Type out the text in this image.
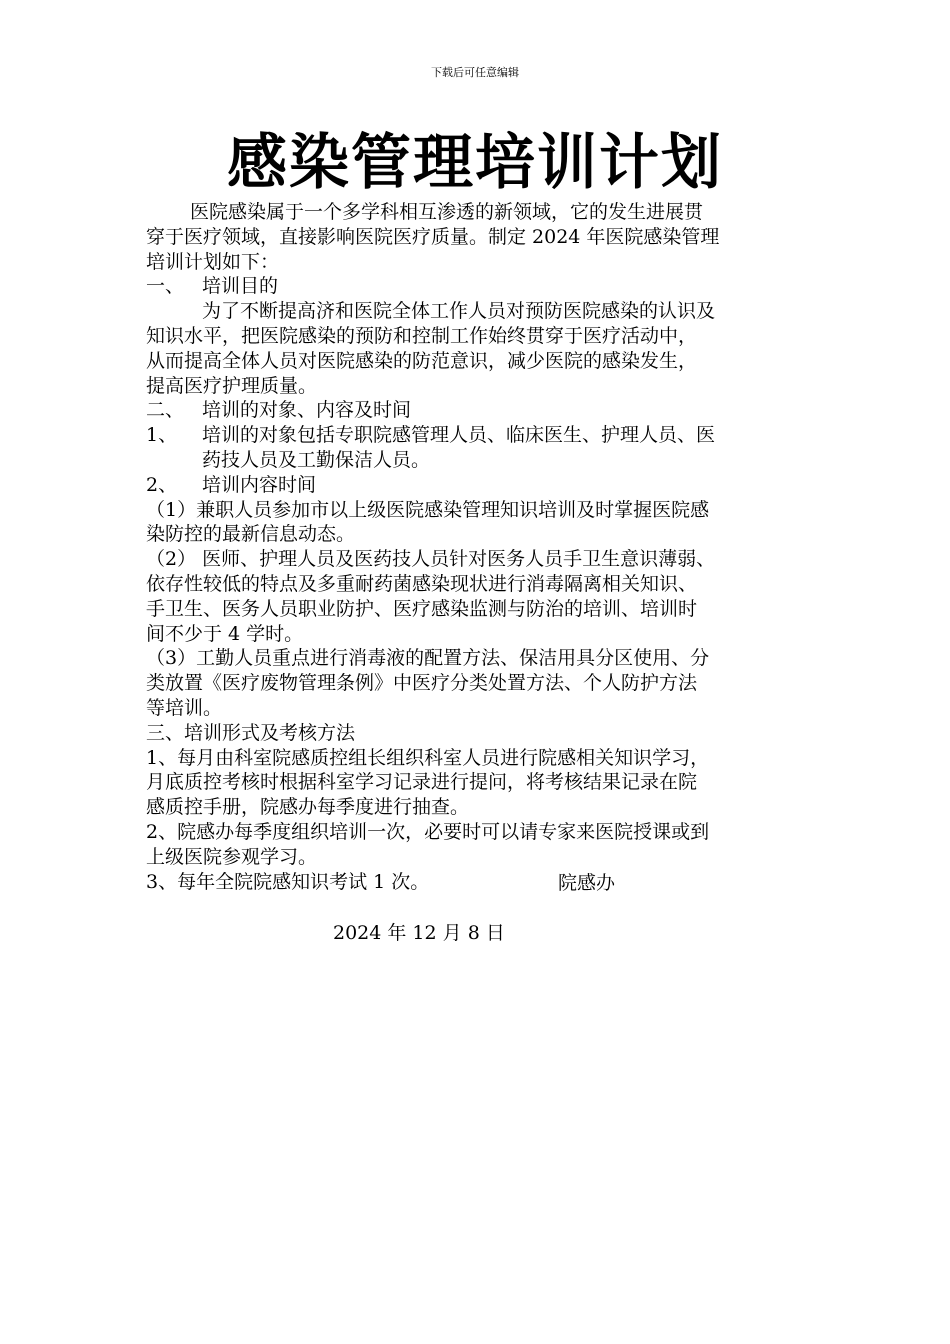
下载后可任意编辑
感染管理培训计划
医院感染属于一个多学科相互渗透的新领域，它的发生进展贯
穿于医疗领域，直接影响医院医疗质量。制定 2024 年医院感染管理
培训计划如下：
一、 培训目的
为了不断提高济和医院全体工作人员对预防医院感染的认识及
知识水平，把医院感染的预防和控制工作始终贯穿于医疗活动中，
从而提高全体人员对医院感染的防范意识，减少医院的感染发生，
提高医疗护理质量。
二、 培训的对象、内容及时间
1、 培训的对象包括专职院感管理人员、临床医生、护理人员、医
药技人员及工勤保洁人员。
2、 培训内容时间
（1）兼职人员参加市以上级医院感染管理知识培训及时掌握医院感
染防控的最新信息动态。
（2） 医师、护理人员及医药技人员针对医务人员手卫生意识薄弱、
依存性较低的特点及多重耐药菌感染现状进行消毒隔离相关知识、
手卫生、医务人员职业防护、医疗感染监测与防治的培训、培训时
间不少于 4 学时。
（3）工勤人员重点进行消毒液的配置方法、保洁用具分区使用、分
类放置《医疗废物管理条例》中医疗分类处置方法、个人防护方法
等培训。
三、培训形式及考核方法
1、每月由科室院感质控组长组织科室人员进行院感相关知识学习，
月底质控考核时根据科室学习记录进行提问，将考核结果记录在院
感质控手册，院感办每季度进行抽查。
2、院感办每季度组织培训一次，必要时可以请专家来医院授课或到
上级医院参观学习。
3、每年全院院感知识考试 1 次。	院感办
2024 年 12 月 8 日
